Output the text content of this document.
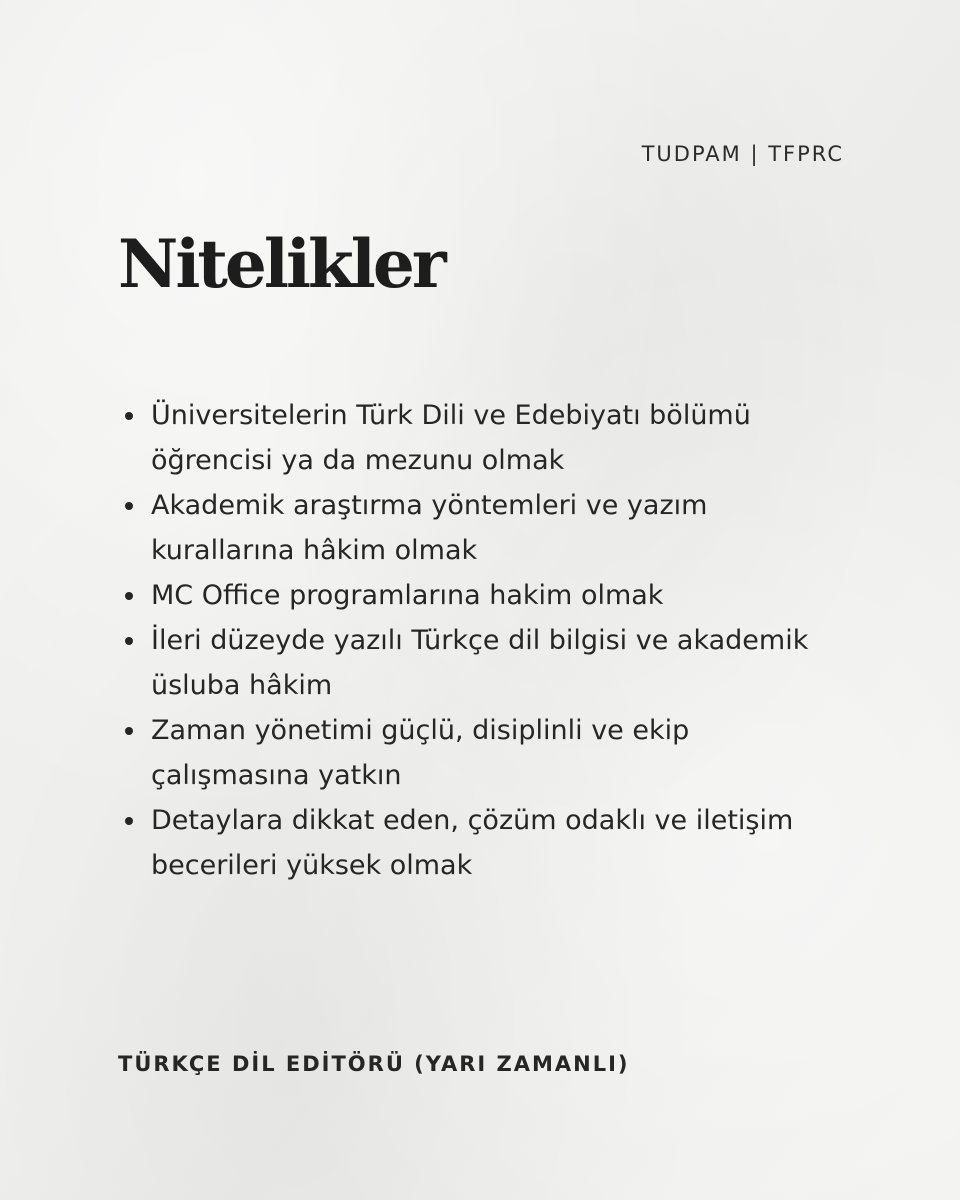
TUDPAM | TFPRC
Nitelikler
Üniversitelerin Türk Dili ve Edebiyatı bölümü öğrencisi ya da mezunu olmak
Akademik araştırma yöntemleri ve yazım kurallarına hâkim olmak
MC Office programlarına hakim olmak
İleri düzeyde yazılı Türkçe dil bilgisi ve akademik üsluba hâkim
Zaman yönetimi güçlü, disiplinli ve ekip çalışmasına yatkın
Detaylara dikkat eden, çözüm odaklı ve iletişim becerileri yüksek olmak
TÜRKÇE DİL EDİTÖRÜ (YARI ZAMANLI)
